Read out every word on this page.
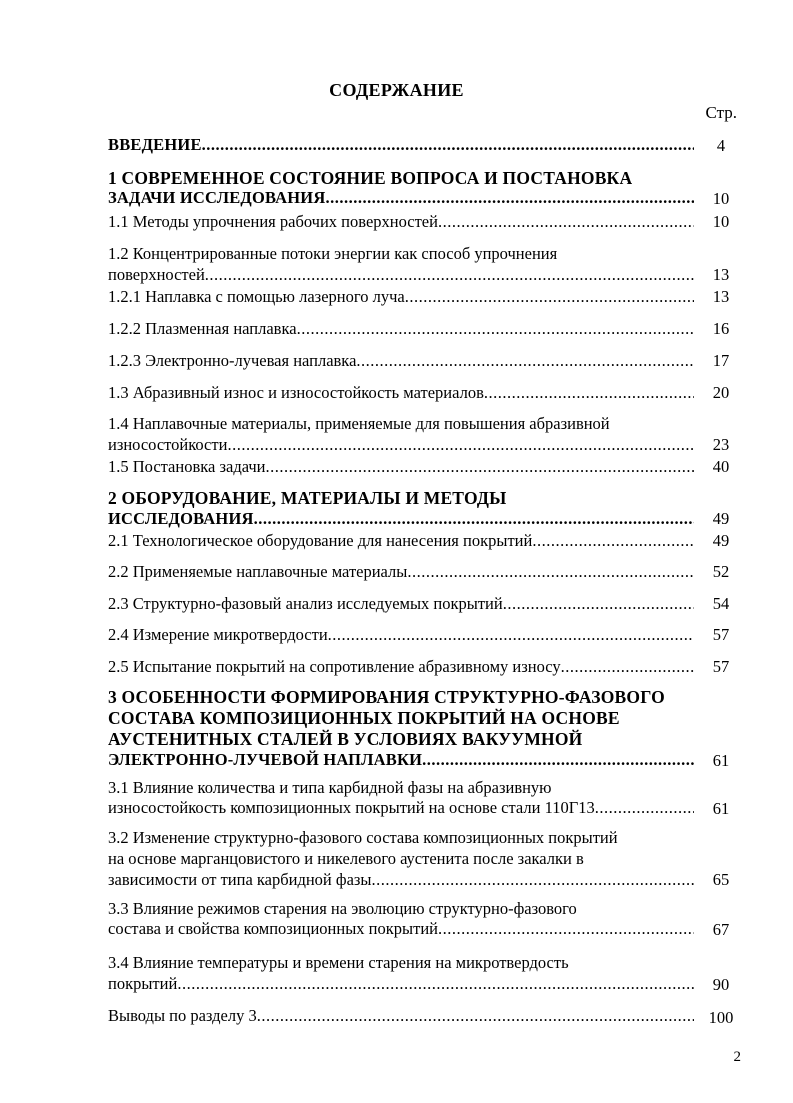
СОДЕРЖАНИЕ
Стр.
ВВЕДЕНИЕ .....	4
1 СОВРЕМЕННОЕ СОСТОЯНИЕ ВОПРОСА И ПОСТАНОВКА
ЗАДАЧИ ИССЛЕДОВАНИЯ .....	10
1.1 Методы упрочнения рабочих поверхностей .....	10
1.2 Концентрированные потоки энергии как способ упрочнения
поверхностей .....	13
1.2.1 Наплавка с помощью лазерного луча .....	13
1.2.2 Плазменная наплавка .....	16
1.2.3 Электронно-лучевая наплавка .....	17
1.3 Абразивный износ и износостойкость материалов .....	20
1.4 Наплавочные материалы, применяемые для повышения абразивной
износостойкости .....	23
1.5 Постановка задачи .....	40
2 ОБОРУДОВАНИЕ, МАТЕРИАЛЫ И МЕТОДЫ
ИССЛЕДОВАНИЯ .....	49
2.1 Технологическое оборудование для нанесения покрытий .....	49
2.2 Применяемые наплавочные материалы .....	52
2.3 Структурно-фазовый анализ исследуемых покрытий .....	54
2.4 Измерение микротвердости .....	57
2.5 Испытание покрытий на сопротивление абразивному износу .....	57
3 ОСОБЕННОСТИ ФОРМИРОВАНИЯ СТРУКТУРНО-ФАЗОВОГО
СОСТАВА КОМПОЗИЦИОННЫХ ПОКРЫТИЙ НА ОСНОВЕ
АУСТЕНИТНЫХ СТАЛЕЙ В УСЛОВИЯХ ВАКУУМНОЙ
ЭЛЕКТРОННО-ЛУЧЕВОЙ НАПЛАВКИ .....	61
3.1 Влияние количества и типа карбидной фазы на абразивную
износостойкость композиционных покрытий на основе стали 110Г13 .....	61
3.2 Изменение структурно-фазового состава композиционных покрытий
на основе марганцовистого и никелевого аустенита после закалки в
зависимости от типа карбидной фазы .....	65
3.3 Влияние режимов старения на эволюцию структурно-фазового
состава и свойства композиционных покрытий .....	67
3.4 Влияние температуры и времени старения на микротвердость
покрытий .....	90
Выводы по разделу 3 .....	100
2
